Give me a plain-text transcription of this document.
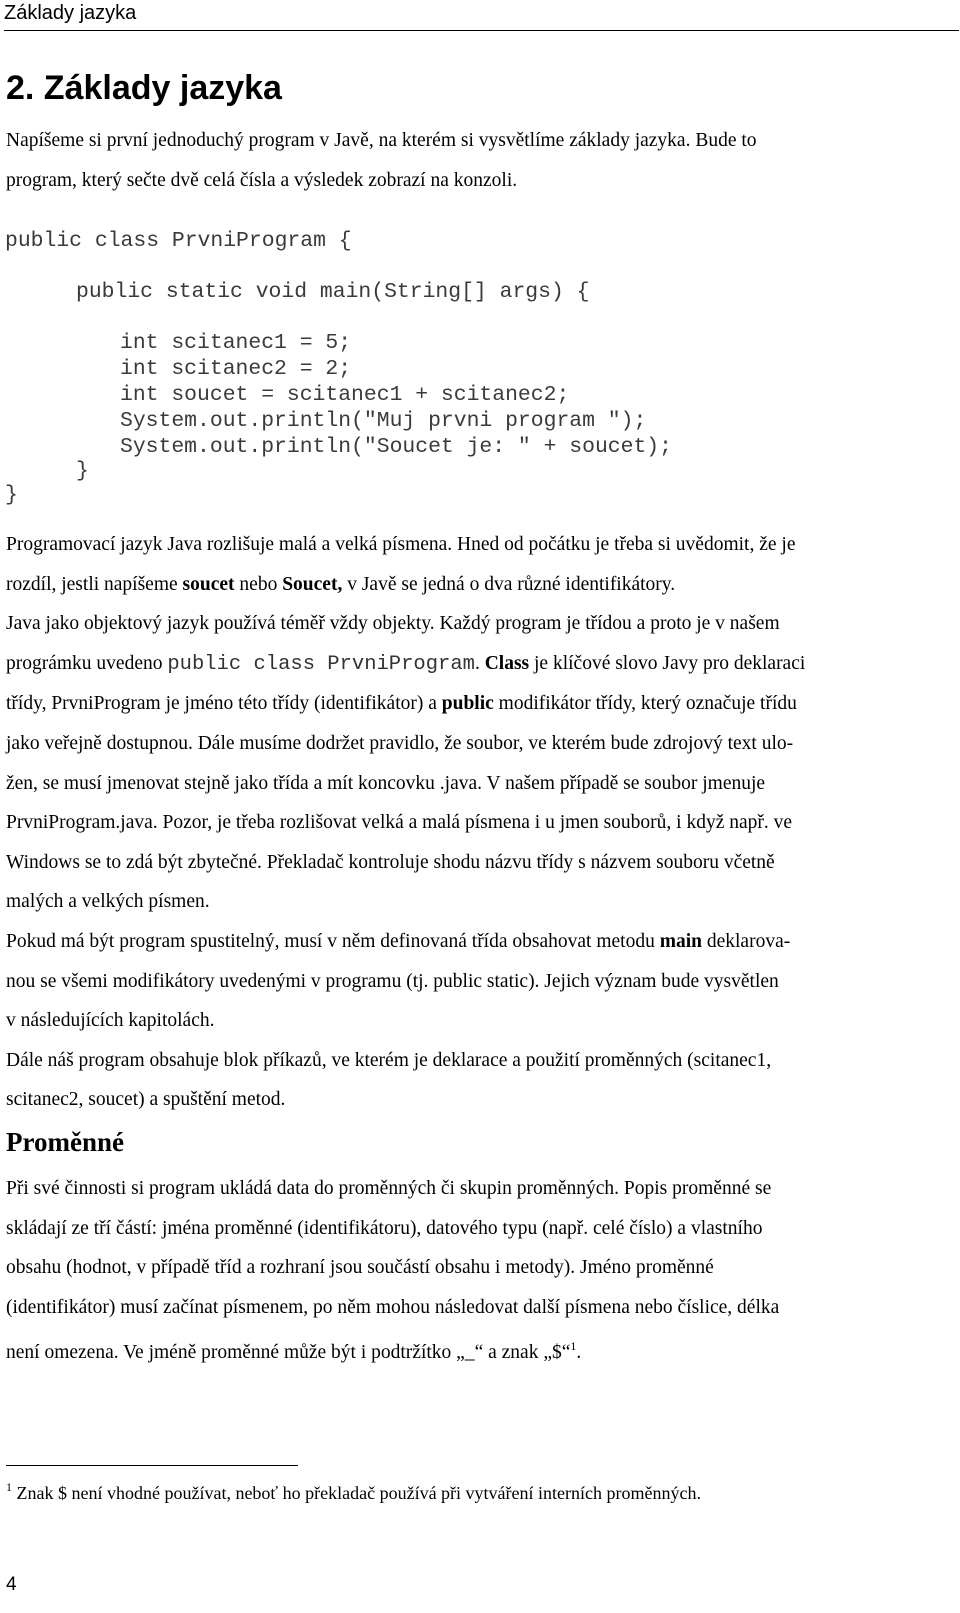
Základy jazyka
2. Základy jazyka

Napíšeme si první jednoduchý program v Javě, na kterém si vysvětlíme základy jazyka. Bude to
program, který sečte dvě celá čísla a výsledek zobrazí na konzoli.

public class PrvniProgram {
public static void main(String[] args) {
int scitanec1 = 5;
int scitanec2 = 2;
int soucet = scitanec1 + scitanec2;
System.out.println("Muj prvni program ");
System.out.println("Soucet je: " + soucet);
}
}

Programovací jazyk Java rozlišuje malá a velká písmena. Hned od počátku je třeba si uvědomit, že je
rozdíl, jestli napíšeme soucet nebo Soucet, v Javě se jedná o dva různé identifikátory.
Java jako objektový jazyk používá téměř vždy objekty. Každý program je třídou a proto je v našem
prográmku uvedeno public class PrvniProgram. Class je klíčové slovo Javy pro deklaraci
třídy, PrvniProgram je jméno této třídy (identifikátor) a public modifikátor třídy, který označuje třídu
jako veřejně dostupnou. Dále musíme dodržet pravidlo, že soubor, ve kterém bude zdrojový text ulo-
žen, se musí jmenovat stejně jako třída a mít koncovku .java. V našem případě se soubor jmenuje
PrvniProgram.java. Pozor, je třeba rozlišovat velká a malá písmena i u jmen souborů, i když např. ve
Windows se to zdá být zbytečné. Překladač kontroluje shodu názvu třídy s názvem souboru včetně
malých a velkých písmen.
Pokud má být program spustitelný, musí v něm definovaná třída obsahovat metodu main deklarova-
nou se všemi modifikátory uvedenými v programu (tj. public static). Jejich význam bude vysvětlen
v následujících kapitolách.
Dále náš program obsahuje blok příkazů, ve kterém je deklarace a použití proměnných (scitanec1,
scitanec2, soucet) a spuštění metod.

Proměnné

Při své činnosti si program ukládá data do proměnných či skupin proměnných. Popis proměnné se
skládají ze tří částí: jména proměnné (identifikátoru), datového typu (např. celé číslo) a vlastního
obsahu (hodnot, v případě tříd a rozhraní jsou součástí obsahu i metody). Jméno proměnné
(identifikátor) musí začínat písmenem, po něm mohou následovat další písmena nebo číslice, délka
není omezena. Ve jméně proměnné může být i podtržítko „_“ a znak „$“$^1$.

$^1$ Znak $ není vhodné používat, neboť ho překladač používá při vytváření interních proměnných.

4
